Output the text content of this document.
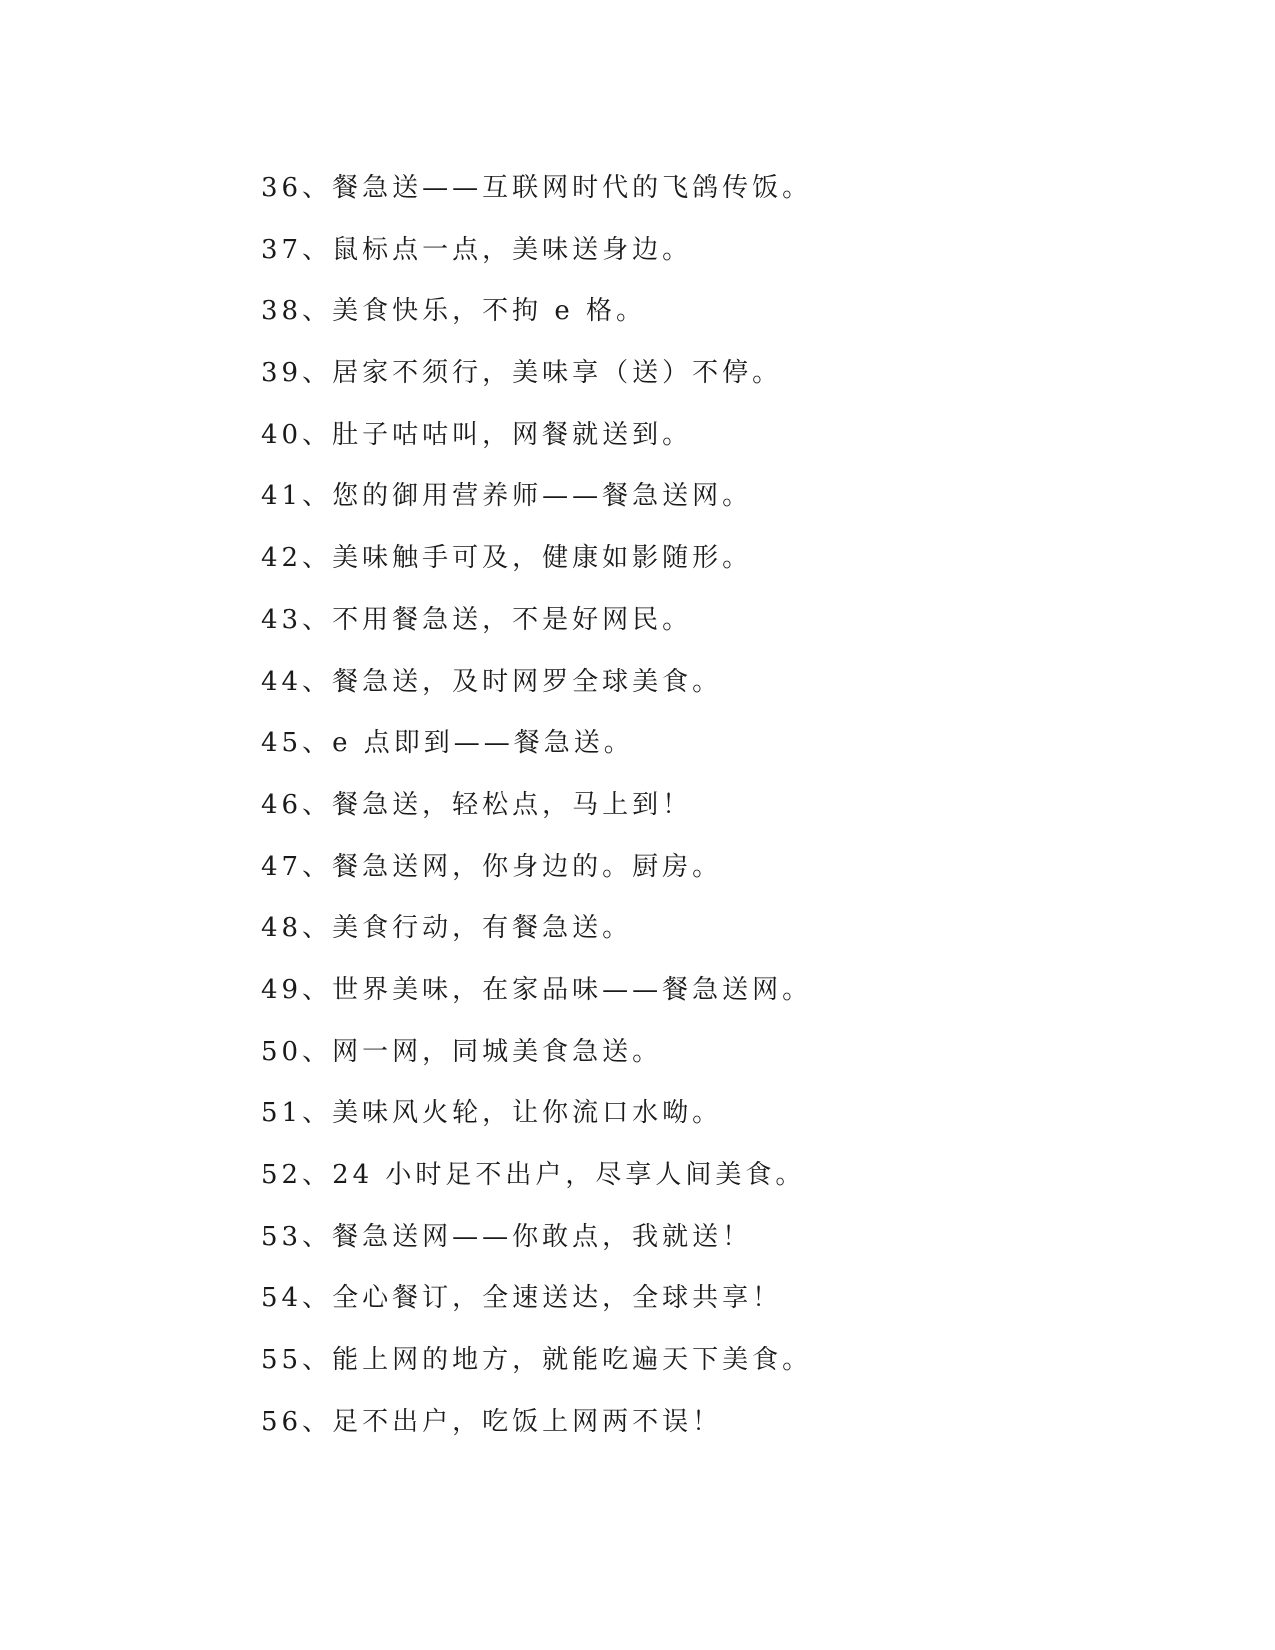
36、餐急送——互联网时代的飞鸽传饭。
37、鼠标点一点，美味送身边。
38、美食快乐，不拘 e 格。
39、居家不须行，美味享（送）不停。
40、肚子咕咕叫，网餐就送到。
41、您的御用营养师——餐急送网。
42、美味触手可及，健康如影随形。
43、不用餐急送，不是好网民。
44、餐急送，及时网罗全球美食。
45、e 点即到——餐急送。
46、餐急送，轻松点，马上到！
47、餐急送网，你身边的。厨房。
48、美食行动，有餐急送。
49、世界美味，在家品味——餐急送网。
50、网一网，同城美食急送。
51、美味风火轮，让你流口水呦。
52、24 小时足不出户，尽享人间美食。
53、餐急送网——你敢点，我就送！
54、全心餐订，全速送达，全球共享！
55、能上网的地方，就能吃遍天下美食。
56、足不出户，吃饭上网两不误！
